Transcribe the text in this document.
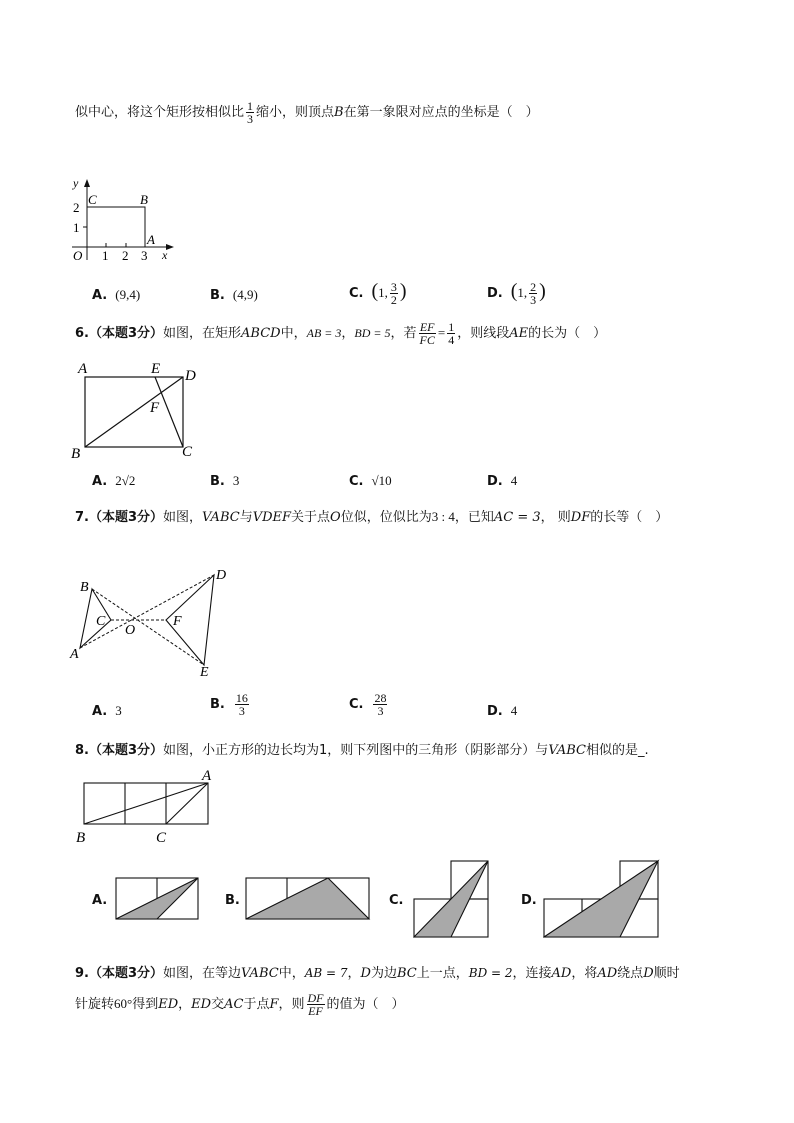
似中心，将这个矩形按相似比 $\frac{1}{3}$ 缩小，则顶点B在第一象限对应点的坐标是（　）
y
C	B
2
1
A
O 1 2 3 x
A. (9,4)	B. (4,9)	C. (1, $\frac{3}{2}$ )	D. (1, $\frac{2}{3}$ )
6.（本题3分）如图，在矩形ABCD中，AB = 3，BD = 5，若 $\frac{EF}{FC} = \frac{1}{4}$ ，则线段AE的长为（　）
A	E D
F
B	C
A. 2√2	B. 3	C. √10	D. 4
7.（本题3分）如图，VABC与VDEF关于点O位似，位似比为3 : 4，已知AC = 3， 则DF的长等（　）
B
D
C
O
F
A
E
A. 3	B. $\frac{16}{3}$	C. $\frac{28}{3}$	D. 4
8.（本题3分）如图，小正方形的边长均为1，则下列图中的三角形（阴影部分）与VABC相似的是_.
A
B	C
A.	B.	C.	D.
9.（本题3分）如图，在等边VABC中，AB = 7，D为边BC上一点，BD = 2，连接AD，将AD绕点D顺时
针旋转60°得到ED，ED交AC于点F，则 $\frac{DF}{EF}$ 的值为（　）
